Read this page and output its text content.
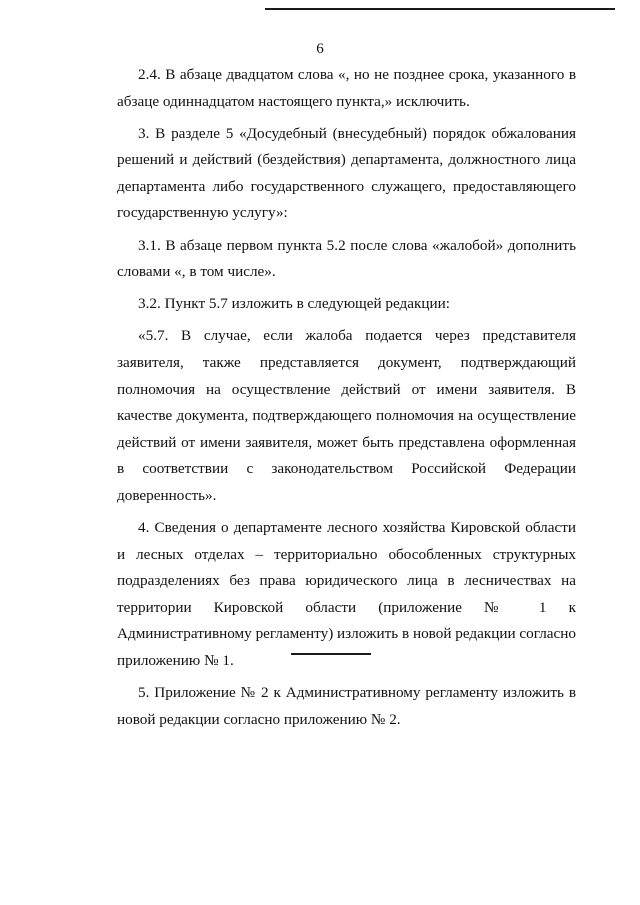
6

2.4. В абзаце двадцатом слова «, но не позднее срока, указанного в абзаце одиннадцатом настоящего пункта,» исключить.

3. В разделе 5 «Досудебный (внесудебный) порядок обжалования решений и действий (бездействия) департамента, должностного лица департамента либо государственного служащего, предоставляющего государственную услугу»:

3.1. В абзаце первом пункта 5.2 после слова «жалобой» дополнить словами «, в том числе».

3.2. Пункт 5.7 изложить в следующей редакции:

«5.7. В случае, если жалоба подается через представителя заявителя, также представляется документ, подтверждающий полномочия на осуществление действий от имени заявителя. В качестве документа, подтверждающего полномочия на осуществление действий от имени заявителя, может быть представлена оформленная в соответствии с законодательством Российской Федерации доверенность».

4. Сведения о департаменте лесного хозяйства Кировской области и лесных отделах – территориально обособленных структурных подразделениях без права юридического лица в лесничествах на территории Кировской области (приложение № 1 к Административному регламенту) изложить в новой редакции согласно приложению № 1.

5. Приложение № 2 к Административному регламенту изложить в новой редакции согласно приложению № 2.
